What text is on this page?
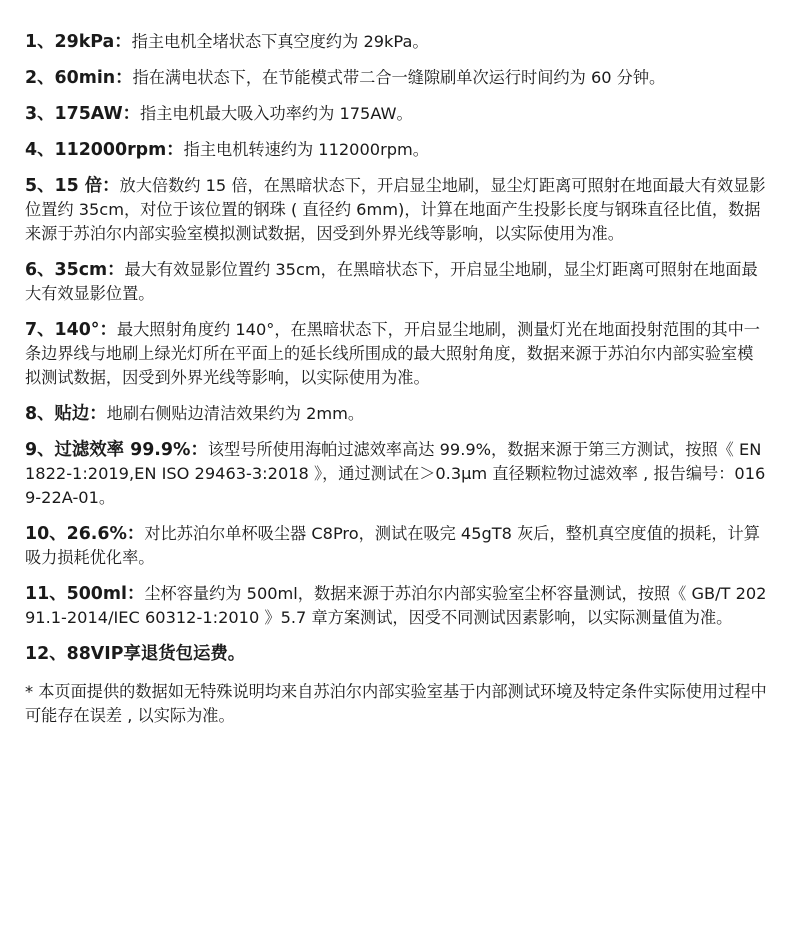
1、29kPa：指主电机全堵状态下真空度约为 29kPa。

2、60min：指在满电状态下，在节能模式带二合一缝隙刷单次运行时间约为 60 分钟。

3、175AW：指主电机最大吸入功率约为 175AW。

4、112000rpm：指主电机转速约为 112000rpm。

5、15 倍：放大倍数约 15 倍，在黑暗状态下，开启显尘地刷，显尘灯距离可照射在地面最大有效显影位置约 35cm，对位于该位置的钢珠 ( 直径约 6mm)，计算在地面产生投影长度与钢珠直径比值，数据来源于苏泊尔内部实验室模拟测试数据，因受到外界光线等影响，以实际使用为准。

6、35cm：最大有效显影位置约 35cm，在黑暗状态下，开启显尘地刷，显尘灯距离可照射在地面最大有效显影位置。

7、140°：最大照射角度约 140°，在黑暗状态下，开启显尘地刷，测量灯光在地面投射范围的其中一条边界线与地刷上绿光灯所在平面上的延长线所围成的最大照射角度，数据来源于苏泊尔内部实验室模拟测试数据，因受到外界光线等影响，以实际使用为准。

8、贴边：地刷右侧贴边清洁效果约为 2mm。

9、过滤效率 99.9%：该型号所使用海帕过滤效率高达 99.9%，数据来源于第三方测试，按照《 EN 1822-1:2019,EN ISO 29463-3:2018 》，通过测试在＞0.3μm 直径颗粒物过滤效率 , 报告编号：0169-22A-01。

10、26.6%：对比苏泊尔单杯吸尘器 C8Pro，测试在吸完 45gT8 灰后，整机真空度值的损耗，计算吸力损耗优化率。

11、500ml：尘杯容量约为 500ml，数据来源于苏泊尔内部实验室尘杯容量测试，按照《 GB/T 20291.1-2014/IEC 60312-1:2010 》5.7 章方案测试，因受不同测试因素影响，以实际测量值为准。

12、88VIP享退货包运费。

* 本页面提供的数据如无特殊说明均来自苏泊尔内部实验室基于内部测试环境及特定条件实际使用过程中可能存在误差 , 以实际为准。
